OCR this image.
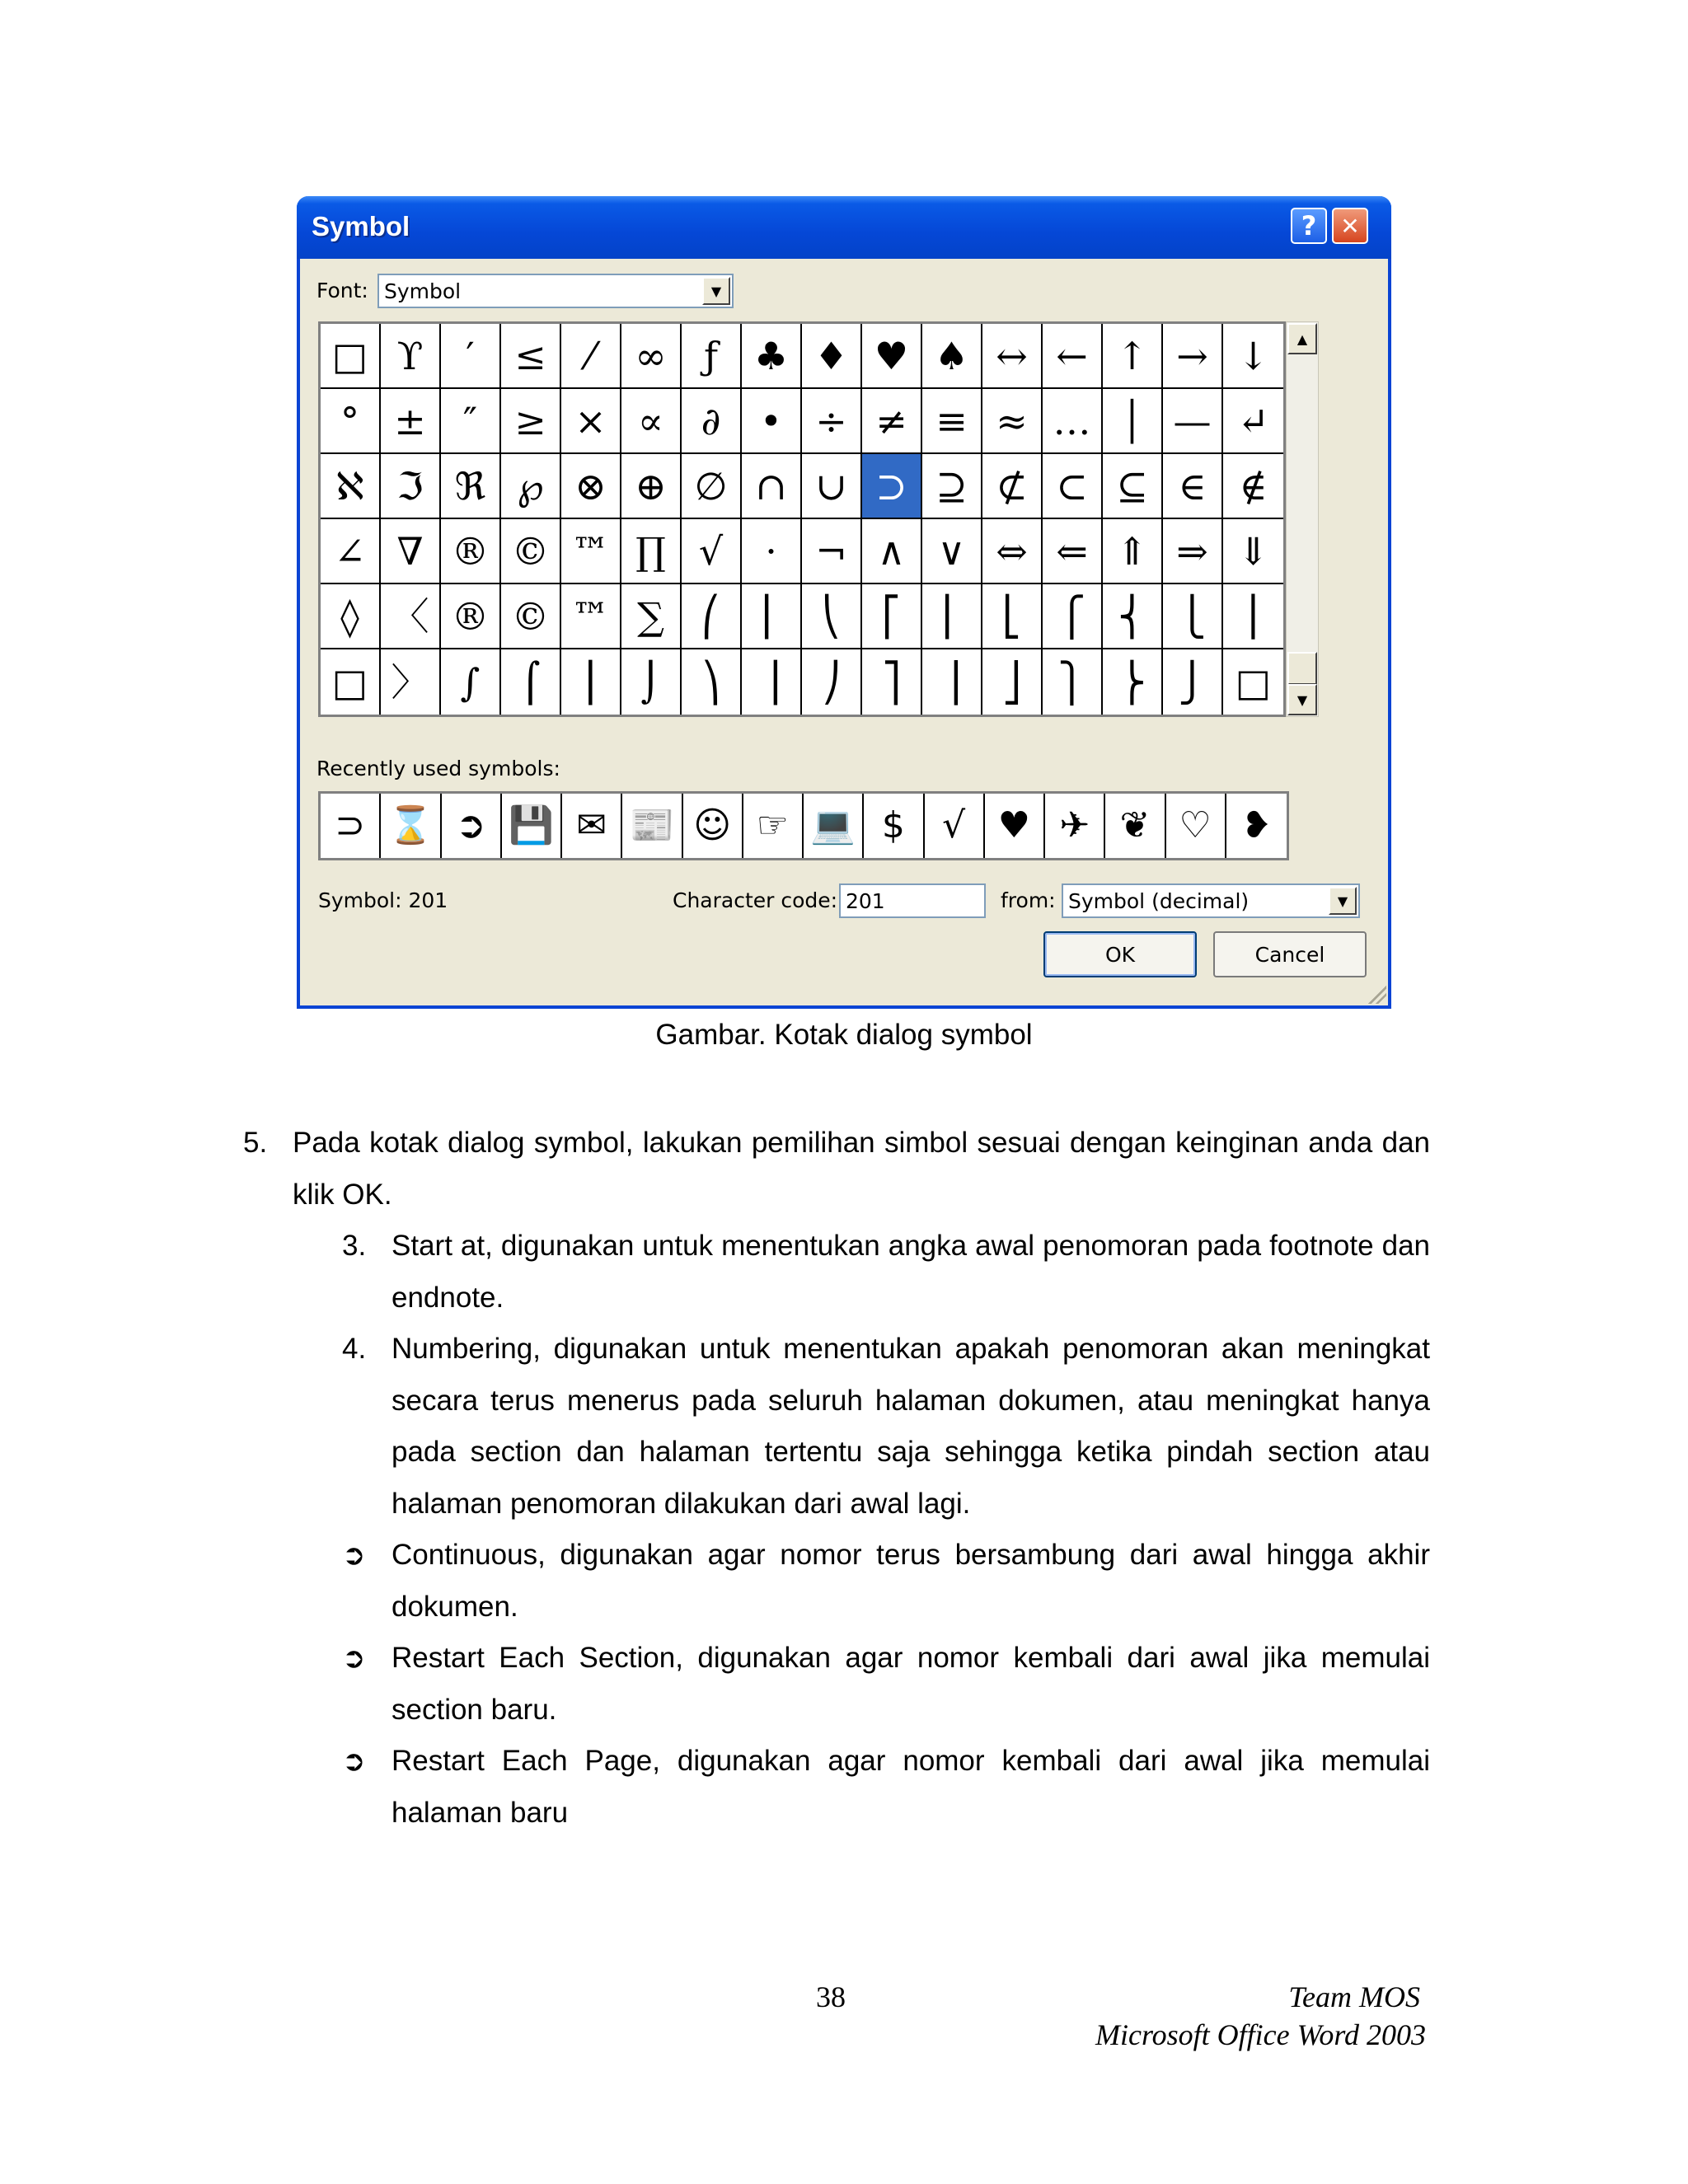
Symbol	? ✕
Font: Symbol	▼
□ ϒ	′	≤	⁄	∞ ƒ ♣ ♦ ♥ ♠ ↔ ← ↑ → ↓
° ± ″ ≥ × ∝ ∂	• ÷ ≠ ≡ ≈ … │ — ↵
ℵ ℑ ℜ ℘ ⊗ ⊕ ∅ ∩ ∪ ⊃ ⊇ ⊄ ⊂ ⊆ ∈ ∉
∠ ∇ ® © ™ ∏ √	⋅ ¬ ∧ ∨ ⇔ ⇐ ⇑ ⇒ ⇓
◊ 〈 ® © ™ ∑ ⎛	⎜	⎝	⎡	⎢	⎣ ⎧ ⎨ ⎩ ⎪
□ 〉 ∫	⌠	⎮	⌡	⎞	⎟	⎠	⎤	⎥	⎦ ⎫ ⎬ ⎭ □
▲
▼
Recently used symbols:
⊃ ⌛ ➲ 💾 ✉ 📰 ☺ ☞ 💻 $	√ ♥ ✈ ❦ ♡ ❥
Symbol: 201	Character code: 201	from: Symbol (decimal)	▼
OK	Cancel
Gambar. Kotak dialog symbol
5. Pada kotak dialog symbol, lakukan pemilihan simbol sesuai dengan keinginan anda dan klik OK.
3. Start at, digunakan untuk menentukan angka awal penomoran pada footnote dan endnote.
4. Numbering, digunakan untuk menentukan apakah penomoran akan meningkat secara terus menerus pada seluruh halaman dokumen, atau meningkat hanya pada section dan halaman tertentu saja sehingga ketika pindah section atau halaman penomoran dilakukan dari awal lagi.
➲ Continuous, digunakan agar nomor terus bersambung dari awal hingga akhir dokumen.
➲ Restart Each Section, digunakan agar nomor kembali dari awal jika memulai section baru.
➲ Restart Each Page, digunakan agar nomor kembali dari awal jika memulai halaman baru
38	Team MOS
Microsoft Office Word 2003
